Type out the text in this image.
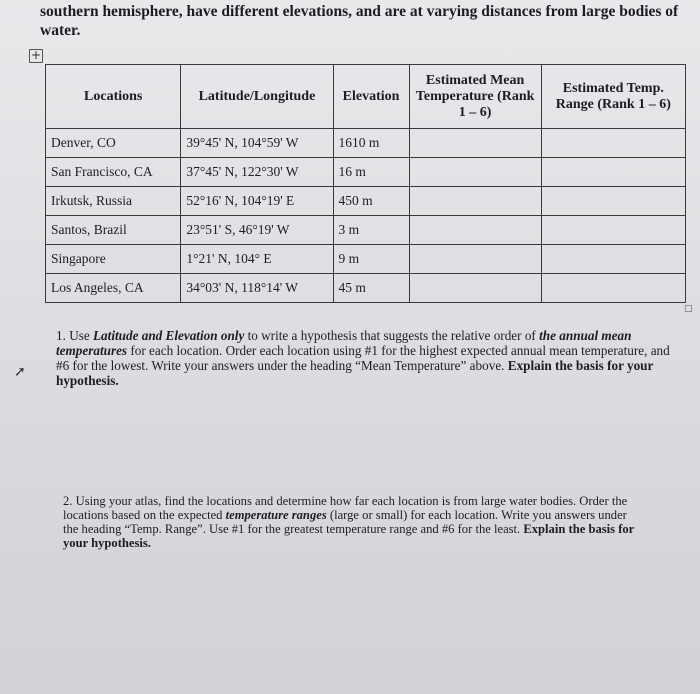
southern hemisphere, have different elevations, and are at varying distances from large bodies of water.
+
Locations	Latitude/Longitude	Elevation	Estimated Mean Temperature (Rank 1 – 6)	Estimated Temp. Range (Rank 1 – 6)
Denver, CO	39°45' N, 104°59' W	1610 m		
San Francisco, CA	37°45' N, 122°30' W	16 m		
Irkutsk, Russia	52°16' N, 104°19' E	450 m		
Santos, Brazil	23°51' S, 46°19' W	3 m		
Singapore	1°21' N, 104° E	9 m		
Los Angeles, CA	34°03' N, 118°14' W	45 m		
□
➚
1. Use Latitude and Elevation only to write a hypothesis that suggests the relative order of the annual mean temperatures for each location. Order each location using #1 for the highest expected annual mean temperature, and #6 for the lowest. Write your answers under the heading “Mean Temperature” above. Explain the basis for your hypothesis.
2. Using your atlas, find the locations and determine how far each location is from large water bodies. Order the locations based on the expected temperature ranges (large or small) for each location. Write you answers under the heading “Temp. Range”. Use #1 for the greatest temperature range and #6 for the least. Explain the basis for your hypothesis.
